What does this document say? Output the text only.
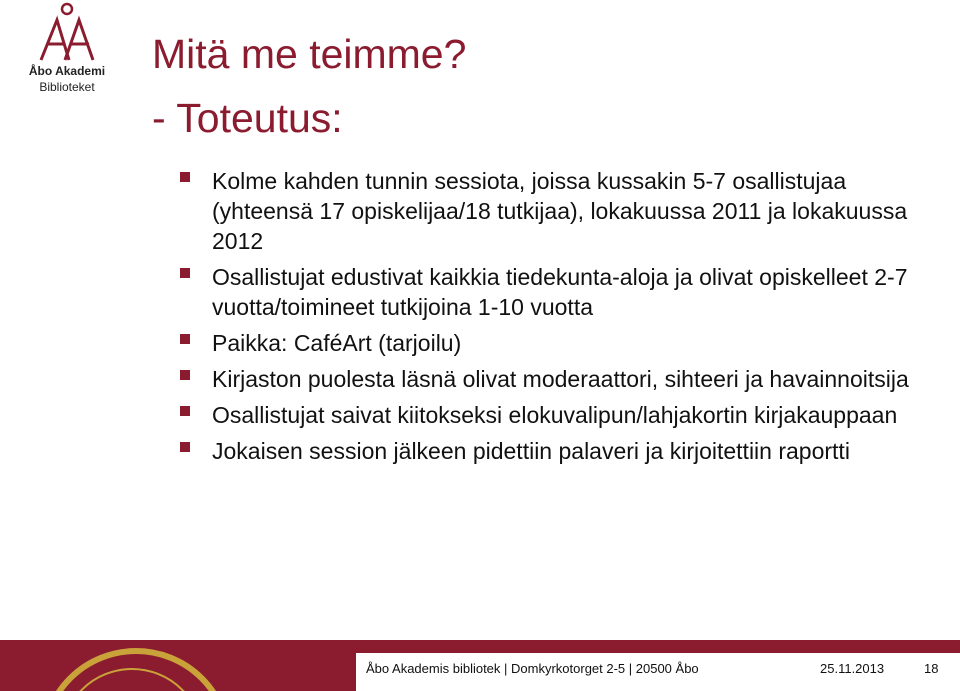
Åbo Akademi
Biblioteket
Mitä me teimme?
- Toteutus:
Kolme kahden tunnin sessiota, joissa kussakin 5-7 osallistujaa (yhteensä 17 opiskelijaa/18 tutkijaa), lokakuussa 2011 ja lokakuussa 2012
Osallistujat edustivat kaikkia tiedekunta-aloja ja olivat opiskelleet 2-7 vuotta/toimineet tutkijoina 1-10 vuotta
Paikka: CaféArt (tarjoilu)
Kirjaston puolesta läsnä olivat moderaattori, sihteeri ja havainnoitsija
Osallistujat saivat kiitokseksi elokuvalipun/lahjakortin kirjakauppaan
Jokaisen session jälkeen pidettiin palaveri ja kirjoitettiin raportti
Åbo Akademis bibliotek | Domkyrkotorget 2-5 | 20500 Åbo	25.11.2013	18
